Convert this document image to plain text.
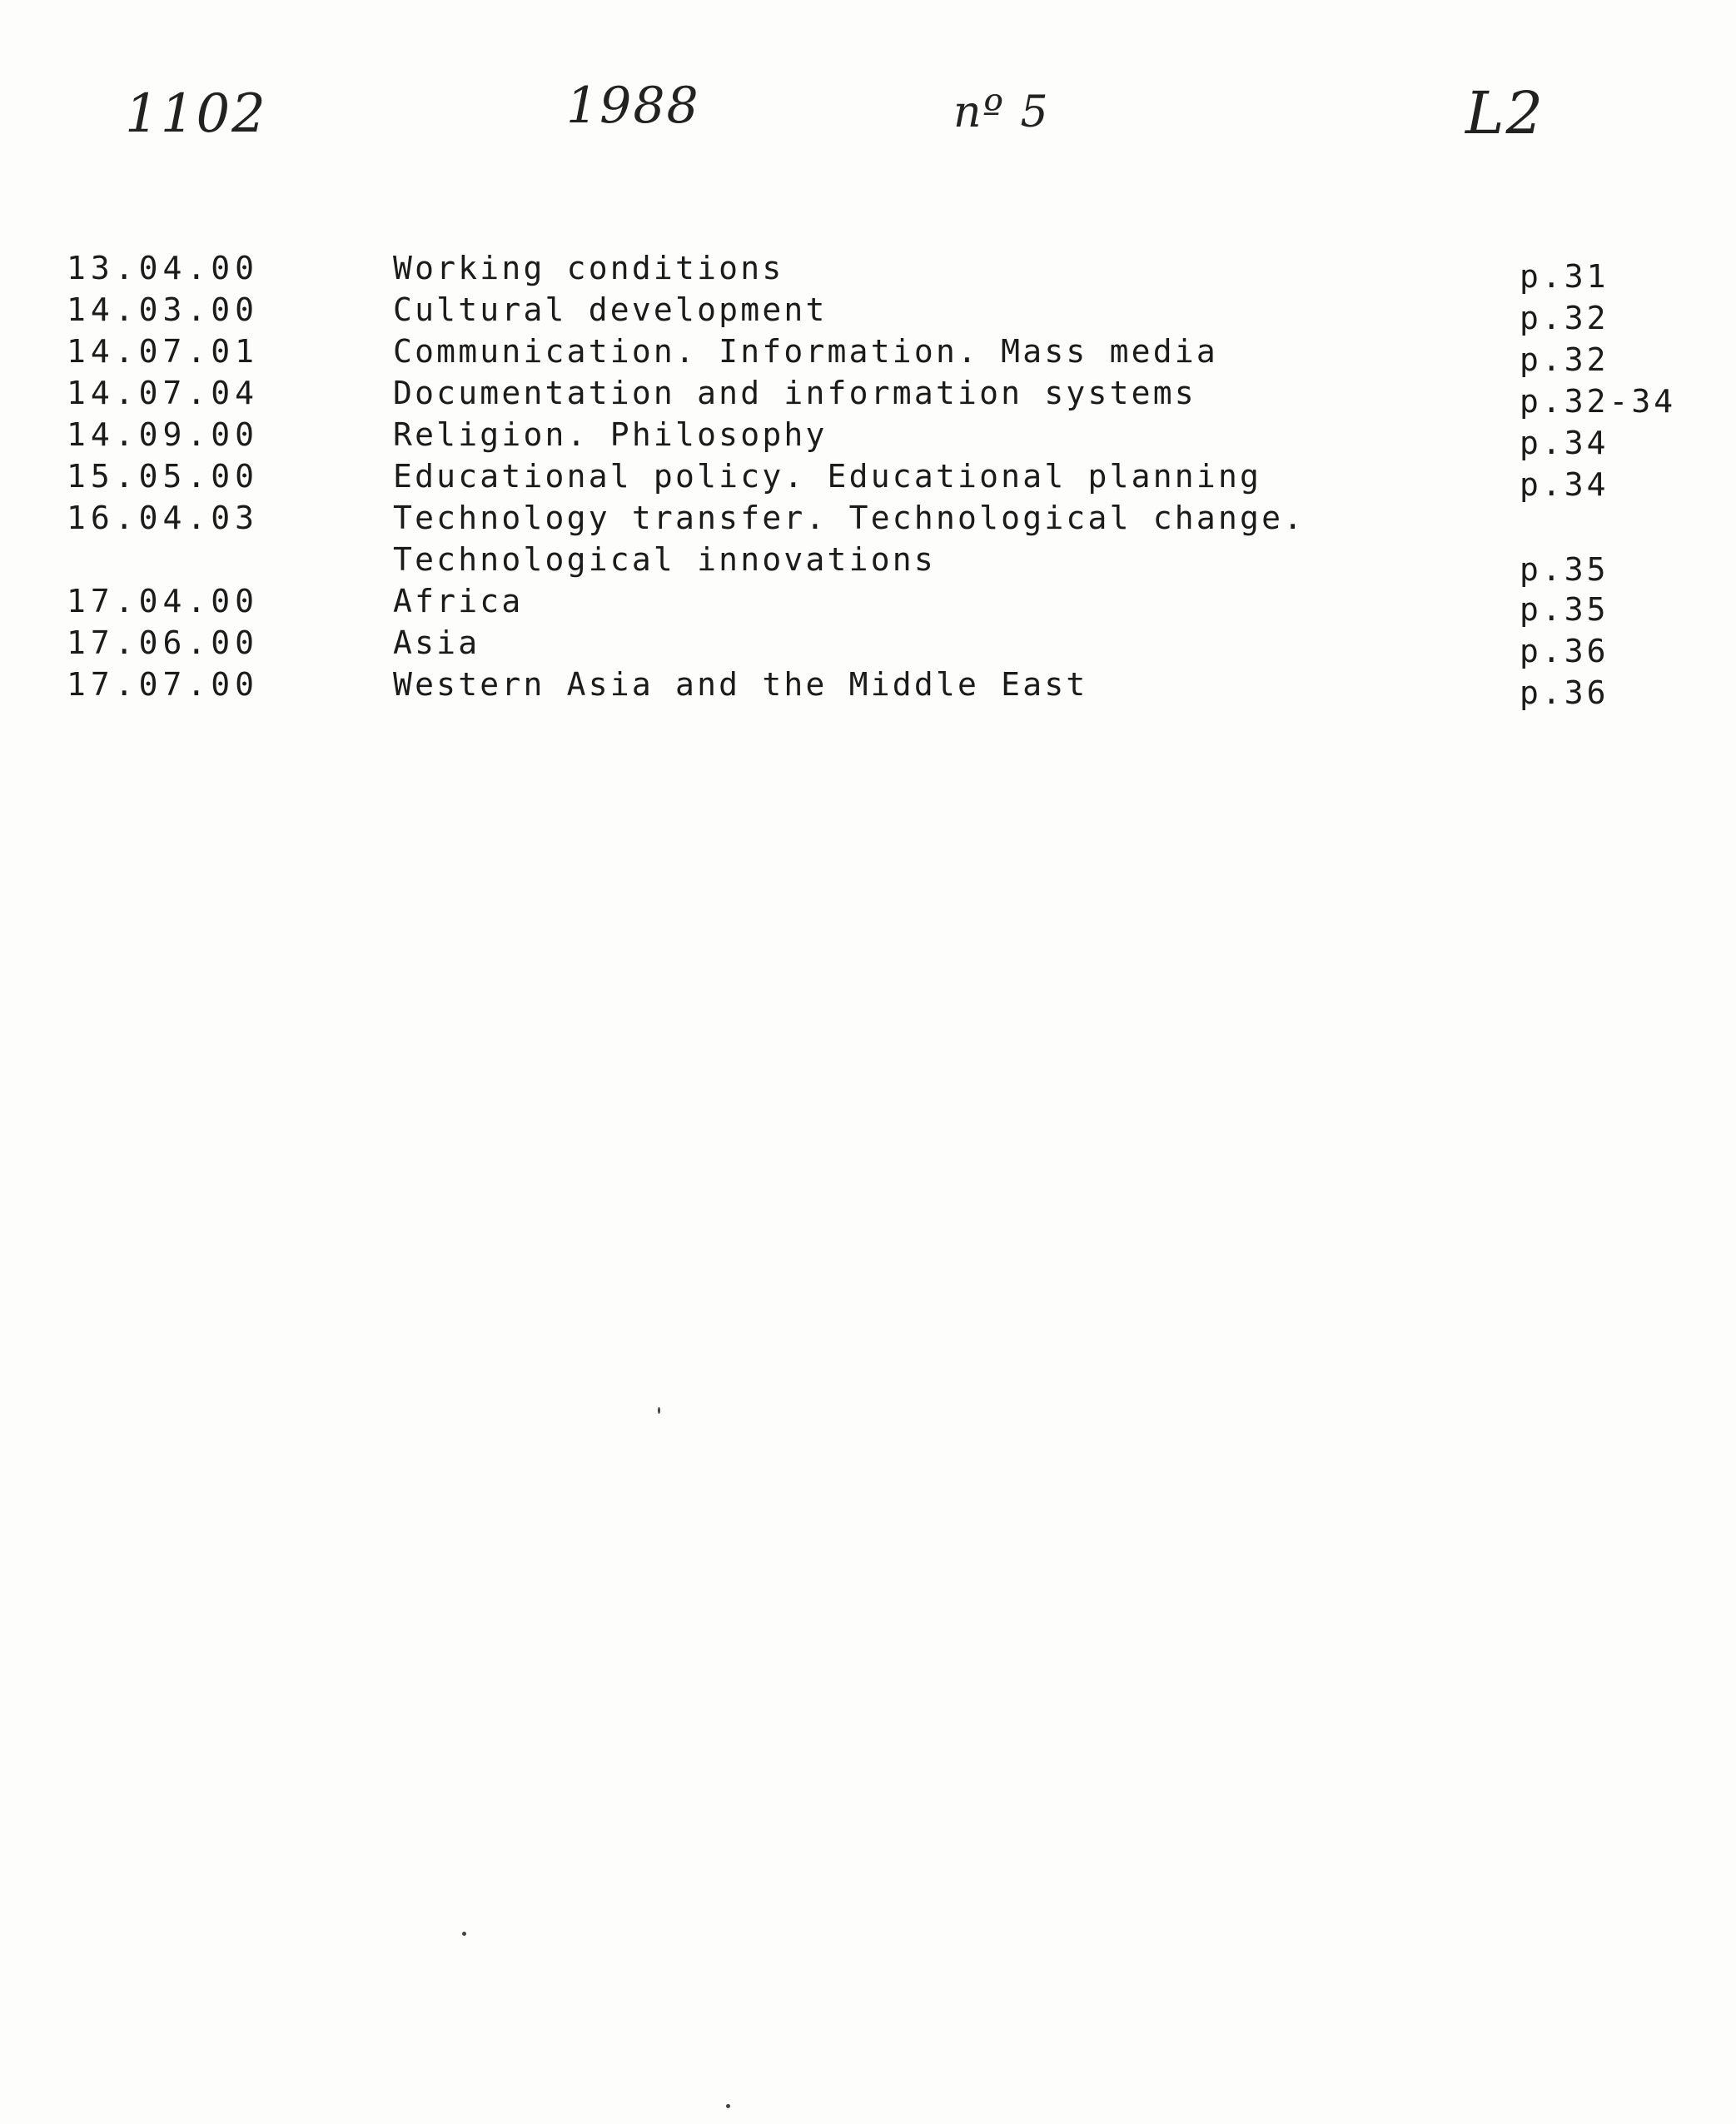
1102	1988	nº 5	L2
13.04.00	Working conditions	p.31
14.03.00	Cultural development	p.32
14.07.01	Communication. Information. Mass media	p.32
14.07.04	Documentation and information systems	p.32-34
14.09.00	Religion. Philosophy	p.34
15.05.00	Educational policy. Educational planning	p.34
16.04.03	Technology transfer. Technological change.
Technological innovations	p.35
17.04.00	Africa	p.35
17.06.00	Asia	p.36
17.07.00	Western Asia and the Middle East	p.36
